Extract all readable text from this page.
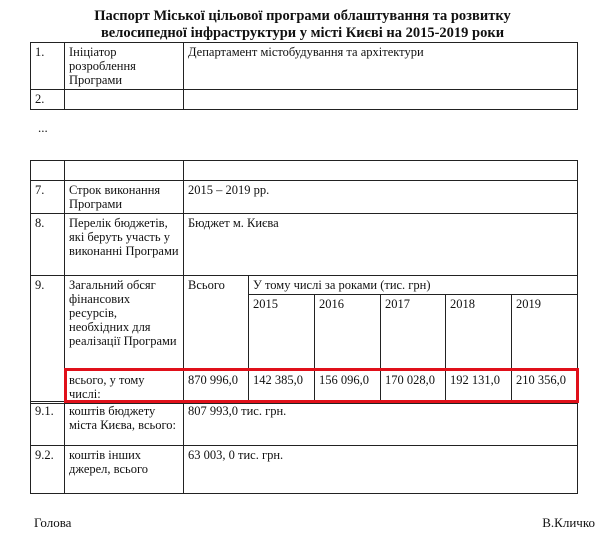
Паспорт Міської цільової програми облаштування та розвитку
велосипедної інфраструктури у місті Києві на 2015-2019 роки
1.	Ініціатор розроблення Програми	Департамент містобудування та архітектури
2.		
...

7.	Строк виконання Програми	2015 – 2019 рр.
8.	Перелік бюджетів, які беруть участь у виконанні Програми	Бюджет м. Києва
9.	Загальний обсяг фінансових ресурсів, необхідних для реалізації Програми	Всього	У тому числі за роками (тис. грн)				
			2015	2016	2017	2018	2019
	всього, у тому числі:	870 996,0	142 385,0	156 096,0	170 028,0	192 131,0	210 356,0
9.1.	коштів бюджету міста Києва, всього:	807 993,0 тис. грн.
9.2.	коштів інших джерел, всього	63 003, 0 тис. грн.
Голова	В.Кличко
